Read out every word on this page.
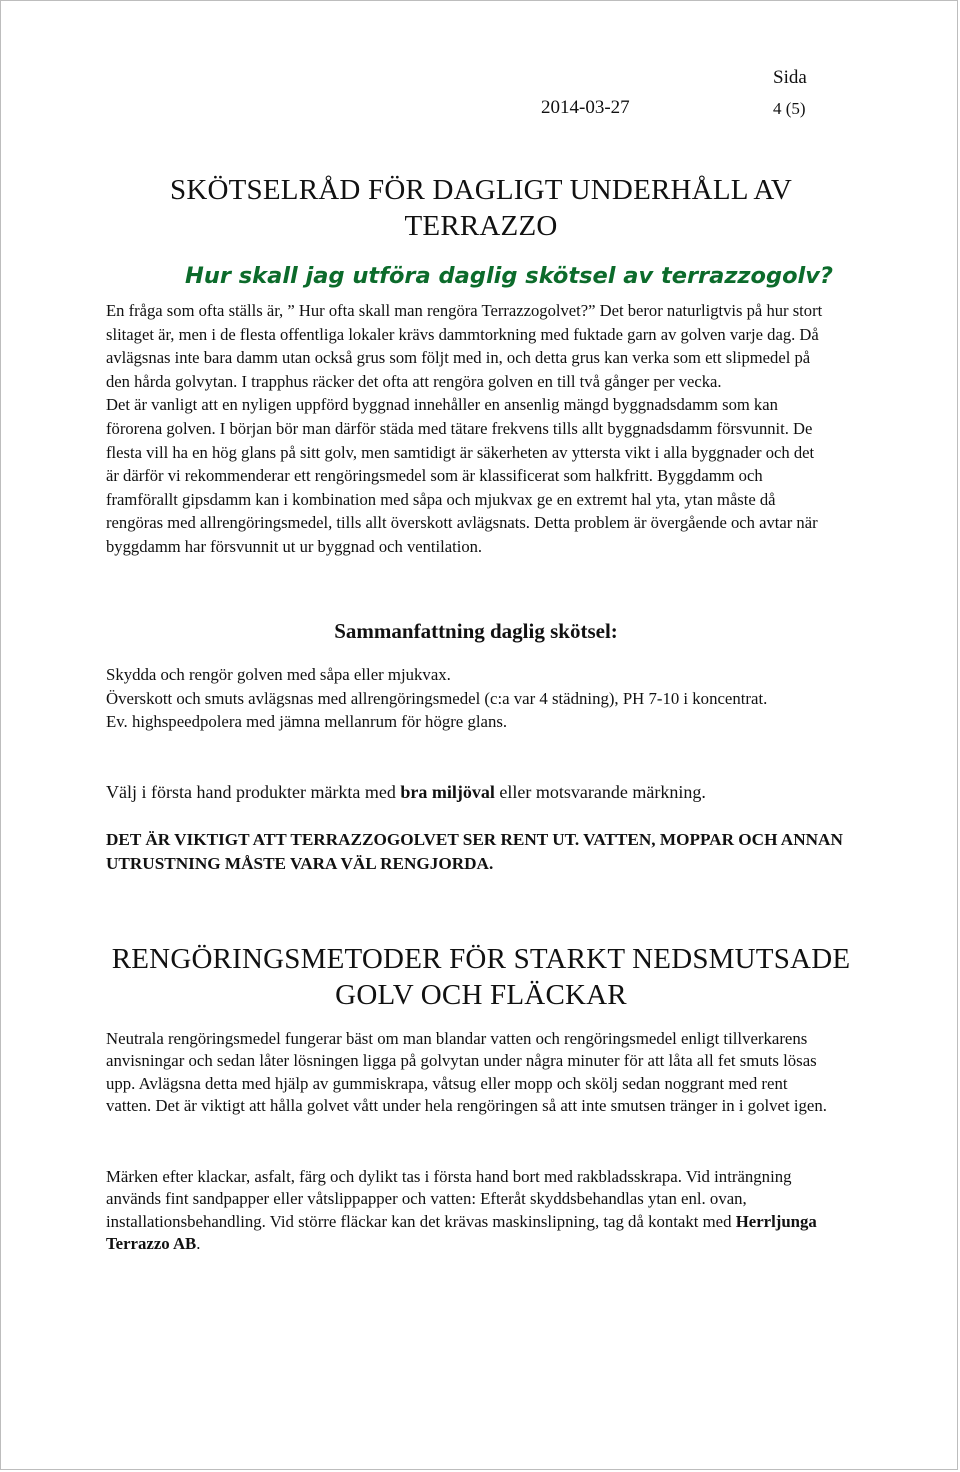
Sida
2014-03-27	4 (5)
SKÖTSELRÅD FÖR DAGLIGT UNDERHÅLL AV
TERRAZZO
Hur skall jag utföra daglig skötsel av terrazzogolv?

En fråga som ofta ställs är, ” Hur ofta skall man rengöra Terrazzogolvet?” Det beror naturligtvis på hur stort slitaget är, men i de flesta offentliga lokaler krävs dammtorkning med fuktade garn av golven varje dag. Då avlägsnas inte bara damm utan också grus som följt med in, och detta grus kan verka som ett slipmedel på den hårda golvytan. I trapphus räcker det ofta att rengöra golven en till två gånger per vecka.

Det är vanligt att en nyligen uppförd byggnad innehåller en ansenlig mängd byggnadsdamm som kan förorena golven. I början bör man därför städa med tätare frekvens tills allt byggnadsdamm försvunnit. De flesta vill ha en hög glans på sitt golv, men samtidigt är säkerheten av yttersta vikt i alla byggnader och det är därför vi rekommenderar ett rengöringsmedel som är klassificerat som halkfritt. Byggdamm och framförallt gipsdamm kan i kombination med såpa och mjukvax ge en extremt hal yta, ytan måste då rengöras med allrengöringsmedel, tills allt överskott avlägsnats. Detta problem är övergående och avtar när byggdamm har försvunnit ut ur byggnad och ventilation.

Sammanfattning daglig skötsel:

Skydda och rengör golven med såpa eller mjukvax.

Överskott och smuts avlägsnas med allrengöringsmedel (c:a var 4 städning), PH 7-10 i koncentrat.

Ev. highspeedpolera med jämna mellanrum för högre glans.

Välj i första hand produkter märkta med bra miljöval eller motsvarande märkning.
DET ÄR VIKTIGT ATT TERRAZZOGOLVET SER RENT UT. VATTEN, MOPPAR OCH ANNAN UTRUSTNING MÅSTE VARA VÄL RENGJORDA.
RENGÖRINGSMETODER FÖR STARKT NEDSMUTSADE
GOLV OCH FLÄCKAR

Neutrala rengöringsmedel fungerar bäst om man blandar vatten och rengöringsmedel enligt tillverkarens anvisningar och sedan låter lösningen ligga på golvytan under några minuter för att låta all fet smuts lösas upp. Avlägsna detta med hjälp av gummiskrapa, våtsug eller mopp och skölj sedan noggrant med rent vatten. Det är viktigt att hålla golvet vått under hela rengöringen så att inte smutsen tränger in i golvet igen.

Märken efter klackar, asfalt, färg och dylikt tas i första hand bort med rakbladsskrapa. Vid inträngning används fint sandpapper eller våtslippapper och vatten: Efteråt skyddsbehandlas ytan enl. ovan, installationsbehandling. Vid större fläckar kan det krävas maskinslipning, tag då kontakt med Herrljunga Terrazzo AB.
